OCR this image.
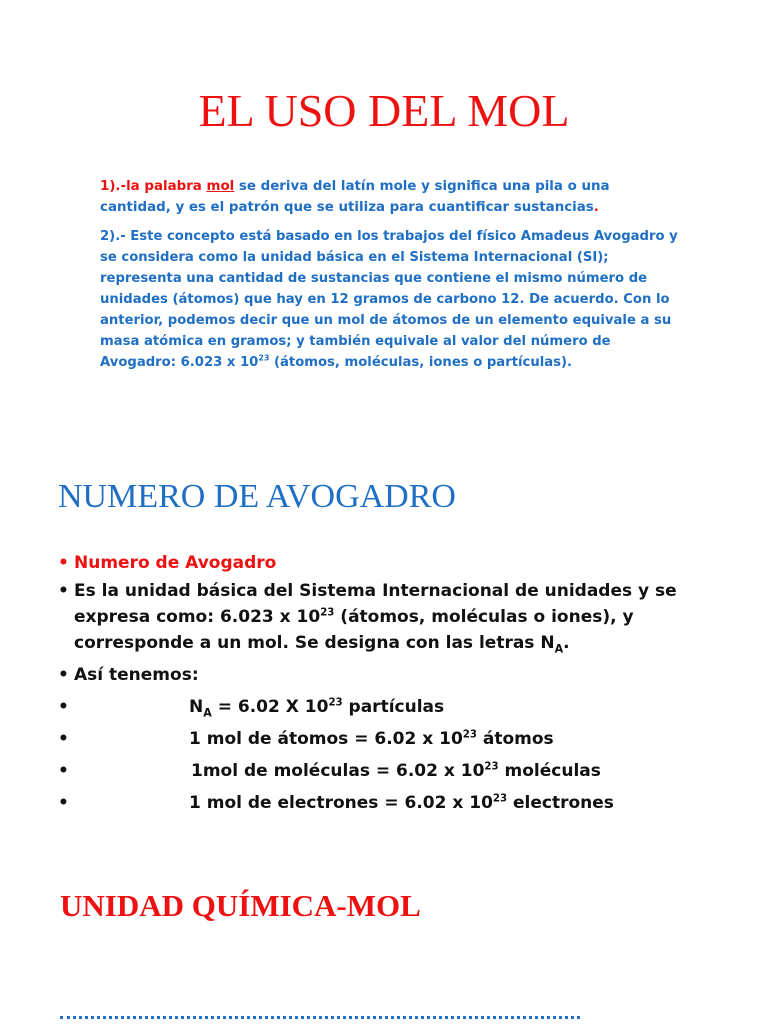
EL USO DEL MOL
1).-la palabra mol se deriva del latín mole y significa una pila o una cantidad, y es el patrón que se utiliza para cuantificar sustancias.
2).- Este concepto está basado en los trabajos del físico Amadeus Avogadro y se considera como la unidad básica en el Sistema Internacional (SI); representa una cantidad de sustancias que contiene el mismo número de unidades (átomos) que hay en 12 gramos de carbono 12. De acuerdo. Con lo anterior, podemos decir que un mol de átomos de un elemento equivale a su masa atómica en gramos; y también equivale al valor del número de Avogadro: 6.023 x $10^{23}$ (átomos, moléculas, iones o partículas).
NUMERO DE AVOGADRO
• Numero de Avogadro
• Es la unidad básica del Sistema Internacional de unidades y se expresa como: 6.023 x $10^{23}$ (átomos, moléculas o iones), y corresponde a un mol. Se designa con las letras $N_A$.
• Así tenemos:
•	$N_A = 6.02$ X $10^{23}$ partículas
•	1 mol de átomos = 6.02 x $10^{23}$ átomos
•	1mol de moléculas = 6.02 x $10^{23}$ moléculas
•	1 mol de electrones = 6.02 x $10^{23}$ electrones
UNIDAD QUÍMICA-MOL
